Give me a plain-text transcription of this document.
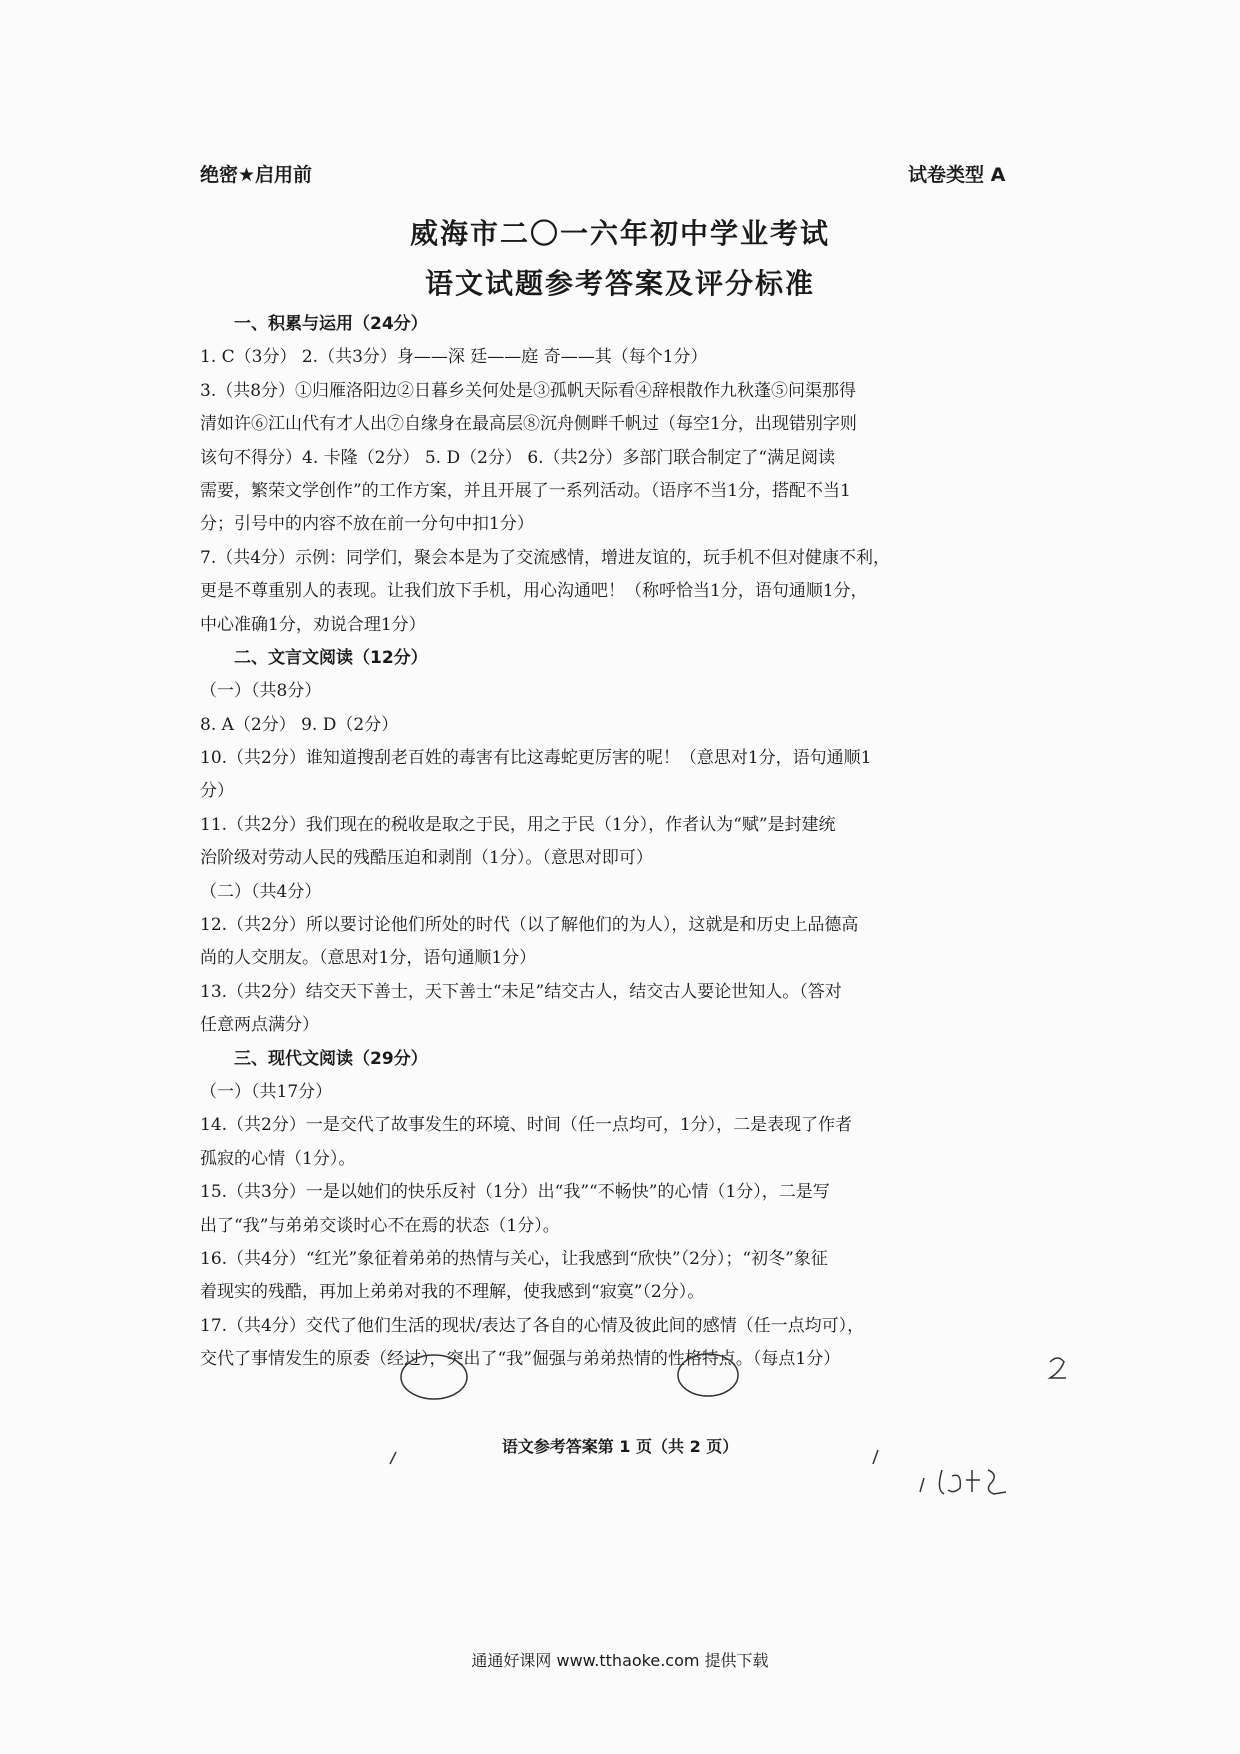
绝密★启用前	试卷类型 A
威海市二〇一六年初中学业考试
语文试题参考答案及评分标准
一、积累与运用（24分）
1. C（3分） 2.（共3分）身——深 廷——庭 奇——其（每个1分）
3.（共8分）①归雁洛阳边②日暮乡关何处是③孤帆天际看④辞根散作九秋蓬⑤问渠那得
清如许⑥江山代有才人出⑦自缘身在最高层⑧沉舟侧畔千帆过（每空1分，出现错别字则
该句不得分）4. 卡隆（2分） 5. D（2分） 6.（共2分）多部门联合制定了“满足阅读
需要，繁荣文学创作”的工作方案，并且开展了一系列活动。（语序不当1分，搭配不当1
分；引号中的内容不放在前一分句中扣1分）
7.（共4分）示例：同学们，聚会本是为了交流感情，增进友谊的，玩手机不但对健康不利，
更是不尊重别人的表现。让我们放下手机，用心沟通吧！（称呼恰当1分，语句通顺1分，
中心准确1分，劝说合理1分）
二、文言文阅读（12分）
（一）（共8分）
8. A（2分） 9. D（2分）
10.（共2分）谁知道搜刮老百姓的毒害有比这毒蛇更厉害的呢！（意思对1分，语句通顺1
分）
11.（共2分）我们现在的税收是取之于民，用之于民（1分），作者认为“赋”是封建统
治阶级对劳动人民的残酷压迫和剥削（1分）。（意思对即可）
（二）（共4分）
12.（共2分）所以要讨论他们所处的时代（以了解他们的为人），这就是和历史上品德高
尚的人交朋友。（意思对1分，语句通顺1分）
13.（共2分）结交天下善士，天下善士“未足”结交古人，结交古人要论世知人。（答对
任意两点满分）
三、现代文阅读（29分）
（一）（共17分）
14.（共2分）一是交代了故事发生的环境、时间（任一点均可，1分），二是表现了作者
孤寂的心情（1分）。
15.（共3分）一是以她们的快乐反衬（1分）出“我”“不畅快”的心情（1分），二是写
出了“我”与弟弟交谈时心不在焉的状态（1分）。
16.（共4分）“红光”象征着弟弟的热情与关心，让我感到“欣快”（2分）；“初冬”象征
着现实的残酷，再加上弟弟对我的不理解，使我感到“寂寞”（2分）。
17.（共4分）交代了他们生活的现状/表达了各自的心情及彼此间的感情（任一点均可），
交代了事情发生的原委（经过），突出了“我”倔强与弟弟热情的性格特点。（每点1分）
语文参考答案第 1 页（共 2 页）
通通好课网 www.tthaoke.com 提供下载
